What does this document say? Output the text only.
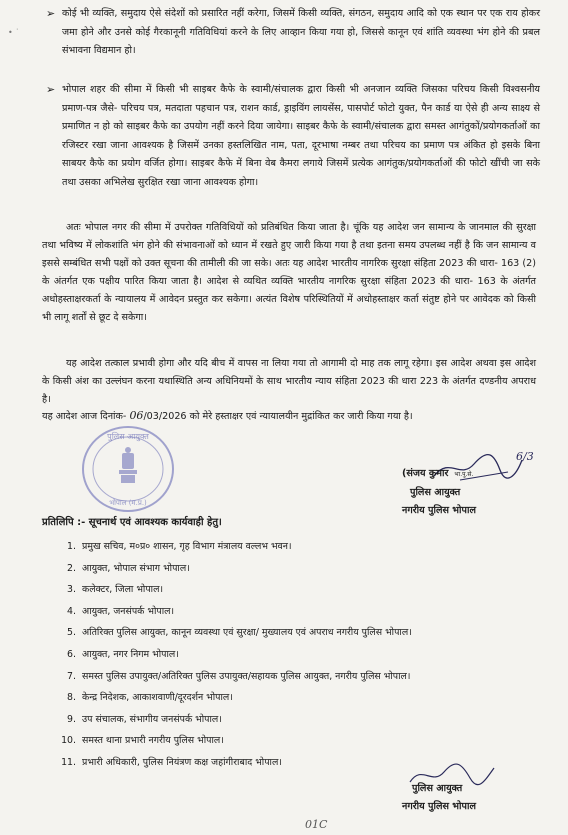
• ˙
➢ कोई भी व्यक्ति, समुदाय ऐसे संदेशों को प्रसारित नहीं करेगा, जिसमें किसी व्यक्ति, संगठन, समुदाय आदि को एक स्थान पर एक राय होकर जमा होने और उनसे कोई गैरकानूनी गतिविधियां करने के लिए आव्हान किया गया हो, जिससे कानून एवं शांति व्यवस्था भंग होने की प्रबल संभावना विद्यमान हो।
➢ भोपाल शहर की सीमा में किसी भी साइबर कैफे के स्वामी/संचालक द्वारा किसी भी अनजान व्यक्ति जिसका परिचय किसी विश्वसनीय प्रमाण-पत्र जैसे- परिचय पत्र, मतदाता पहचान पत्र, राशन कार्ड, ड्राइविंग लायसेंस, पासपोर्ट फोटो युक्त, पैन कार्ड या ऐसे ही अन्य साक्ष्य से प्रमाणित न हो को साइबर कैफे का उपयोग नहीं करने दिया जायेगा। साइबर कैफे के स्वामी/संचालक द्वारा समस्त आगंतुकों/प्रयोगकर्ताओं का रजिस्टर रखा जाना आवश्यक है जिसमें उनका हस्तलिखित नाम, पता, दूरभाषा नम्बर तथा परिचय का प्रमाण पत्र अंकित हो इसके बिना साबयर कैफे का प्रयोग वर्जित होगा। साइबर कैफे में बिना वेब कैमरा लगाये जिसमें प्रत्येक आगंतुक/प्रयोगकर्ताओं की फोटो खींची जा सके तथा उसका अभिलेख सुरक्षित रखा जाना आवश्यक होगा।
अतः भोपाल नगर की सीमा में उपरोक्त गतिविधियों को प्रतिबंधित किया जाता है। चूंकि यह आदेश जन सामान्य के जानमाल की सुरक्षा तथा भविष्य में लोकशांति भंग होने की संभावनाओं को ध्यान में रखते हुए जारी किया गया है तथा इतना समय उपलब्ध नहीं है कि जन सामान्य व इससे सम्बंधित सभी पक्षों को उक्त सूचना की तामीली की जा सके। अतः यह आदेश भारतीय नागरिक सुरक्षा संहिता 2023 की धारा- 163 (2) के अंतर्गत एक पक्षीय पारित किया जाता है। आदेश से व्यथित व्यक्ति भारतीय नागरिक सुरक्षा संहिता 2023 की धारा- 163 के अंतर्गत अधोहस्ताक्षरकर्ता के न्यायालय में आवेदन प्रस्तुत कर सकेगा। अत्यंत विशेष परिस्थितियों में अधोहस्ताक्षर कर्ता संतुष्ट होने पर आवेदक को किसी भी लागू शर्तों से छूट दे सकेगा।
यह आदेश तत्काल प्रभावी होगा और यदि बीच में वापस ना लिया गया तो आगामी दो माह तक लागू रहेगा। इस आदेश अथवा इस आदेश के किसी अंश का उल्लंघन करना यथास्थिति अन्य अधिनियमों के साथ भारतीय न्याय संहिता 2023 की धारा 223 के अंतर्गत दण्डनीय अपराध है।
यह आदेश आज दिनांक- 06/03/2026 को मेरे हस्ताक्षर एवं न्यायालयीन मुद्रांकित कर जारी किया गया है।
पुलिस आयुक्त
भोपाल (म.प्र.)
6/3
(संजय कुमार भा.पु.से.
पुलिस आयुक्त
नगरीय पुलिस भोपाल
प्रतिलिपि :- सूचनार्थ एवं आवश्यक कार्यवाही हेतु।
1. प्रमुख सचिव, म०प्र० शासन, गृह विभाग मंत्रालय वल्लभ भवन।
2. आयुक्त, भोपाल संभाग भोपाल।
3. कलेक्टर, जिला भोपाल।
4. आयुक्त, जनसंपर्क भोपाल।
5. अतिरिक्त पुलिस आयुक्त, कानून व्यवस्था एवं सुरक्षा/ मुख्यालय एवं अपराध नगरीय पुलिस भोपाल।
6. आयुक्त, नगर निगम भोपाल।
7. समस्त पुलिस उपायुक्त/अतिरिक्त पुलिस उपायुक्त/सहायक पुलिस आयुक्त, नगरीय पुलिस भोपाल।
8. केन्द्र निदेशक, आकाशवाणी/दूरदर्शन भोपाल।
9. उप संचालक, संभागीय जनसंपर्क भोपाल।
10. समस्त थाना प्रभारी नगरीय पुलिस भोपाल।
11. प्रभारी अधिकारी, पुलिस नियंत्रण कक्ष जहांगीराबाद भोपाल।
पुलिस आयुक्त
नगरीय पुलिस भोपाल
01C
